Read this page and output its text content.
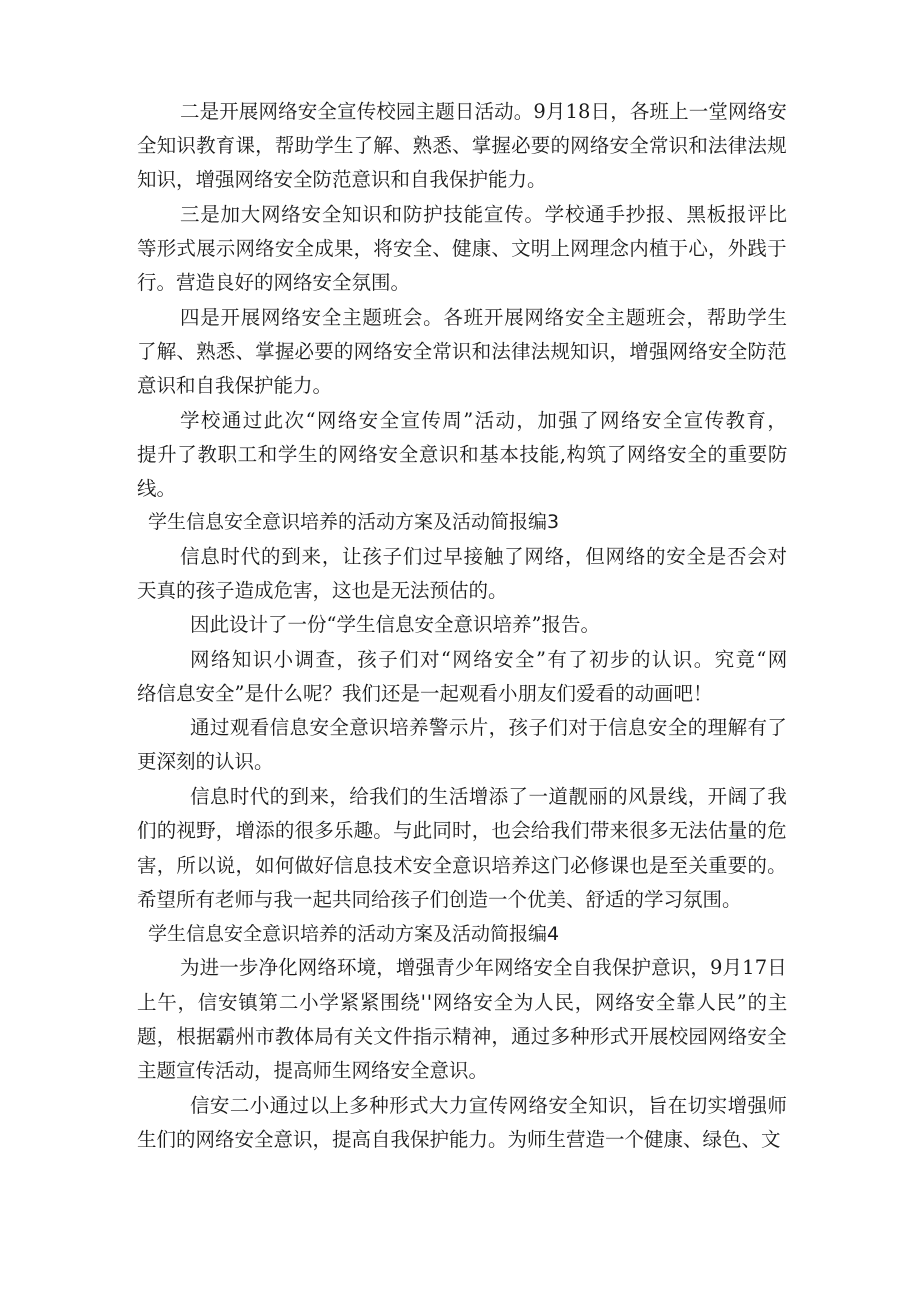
二是开展网络安全宣传校园主题日活动。9月18日，各班上一堂网络安
全知识教育课，帮助学生了解、熟悉、掌握必要的网络安全常识和法律法规
知识，增强网络安全防范意识和自我保护能力。
三是加大网络安全知识和防护技能宣传。学校通手抄报、黑板报评比
等形式展示网络安全成果，将安全、健康、文明上网理念内植于心，外践于
行。营造良好的网络安全氛围。
四是开展网络安全主题班会。各班开展网络安全主题班会，帮助学生
了解、熟悉、掌握必要的网络安全常识和法律法规知识，增强网络安全防范
意识和自我保护能力。
学校通过此次“网络安全宣传周”活动，加强了网络安全宣传教育，
提升了教职工和学生的网络安全意识和基本技能,构筑了网络安全的重要防
线。
学生信息安全意识培养的活动方案及活动简报编3
信息时代的到来，让孩子们过早接触了网络，但网络的安全是否会对
天真的孩子造成危害，这也是无法预估的。
因此设计了一份“学生信息安全意识培养”报告。
网络知识小调查，孩子们对“网络安全”有了初步的认识。究竟“网
络信息安全”是什么呢？我们还是一起观看小朋友们爱看的动画吧！
通过观看信息安全意识培养警示片，孩子们对于信息安全的理解有了
更深刻的认识。
信息时代的到来，给我们的生活增添了一道靓丽的风景线，开阔了我
们的视野，增添的很多乐趣。与此同时，也会给我们带来很多无法估量的危
害，所以说，如何做好信息技术安全意识培养这门必修课也是至关重要的。
希望所有老师与我一起共同给孩子们创造一个优美、舒适的学习氛围。
学生信息安全意识培养的活动方案及活动简报编4
为进一步净化网络环境，增强青少年网络安全自我保护意识，9月17日
上午，信安镇第二小学紧紧围绕''网络安全为人民，网络安全靠人民”的主
题，根据霸州市教体局有关文件指示精神，通过多种形式开展校园网络安全
主题宣传活动，提高师生网络安全意识。
信安二小通过以上多种形式大力宣传网络安全知识，旨在切实增强师
生们的网络安全意识，提高自我保护能力。为师生营造一个健康、绿色、文
